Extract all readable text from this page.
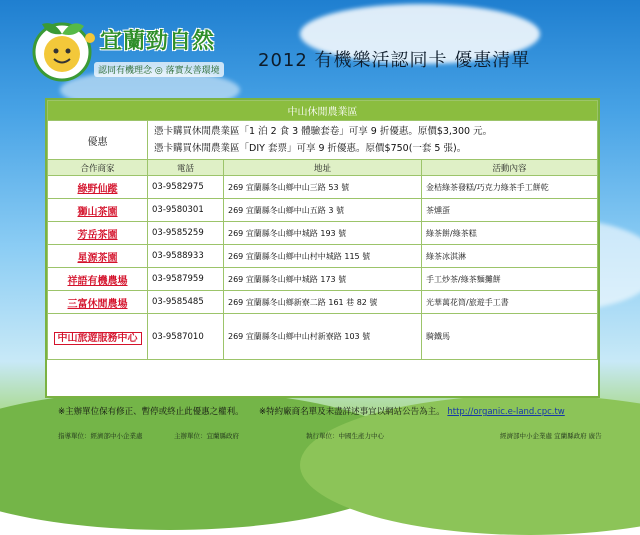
宜蘭勁自然
認同有機理念 ◎ 落實友善環境 2012 有機樂活認同卡 優惠清單
中山休閒農業區			
優惠	憑卡購買休閒農業區「1 泊 2 食 3 體驗套卷」可享 9 折優惠。原價$3,300 元。
憑卡購買休閒農業區「DIY 套票」可享 9 折優惠。原價$750(一套 5 張)。		

合作商家	電話	地址	活動內容
綠野仙蹤	03-9582975	269 宜蘭縣冬山鄉中山三路 53 號	金桔綠茶發糕/巧克力綠茶手工餅乾
獅山茶園	03-9580301	269 宜蘭縣冬山鄉中山五路 3 號	茶燻蛋
芳岳茶園	03-9585259	269 宜蘭縣冬山鄉中城路 193 號	綠茶餅/綠茶糕
星源茶園	03-9588933	269 宜蘭縣冬山鄉中山村中城路 115 號	綠茶冰淇淋
祥語有機農場	03-9587959	269 宜蘭縣冬山鄉中城路 173 號	手工炒茶/綠茶麵攤餅
三富休閒農場	03-9585485	269 宜蘭縣冬山鄉新寮二路 161 巷 82 號	光華萬花筒/旅遊手工書
中山旅遊服務中心	03-9587010	269 宜蘭縣冬山鄉中山村新寮路 103 號	騎鐵馬
※主辦單位保有修正、暫停或終止此優惠之權利。 ※特約廠商名單及未盡詳述事宜以網站公告為主。 http://organic.e-land.cpc.tw
指導單位：經濟部中小企業處	主辦單位：宜蘭縣政府	執行單位：中國生產力中心	經濟部中小企業處 宜蘭縣政府 廣告
